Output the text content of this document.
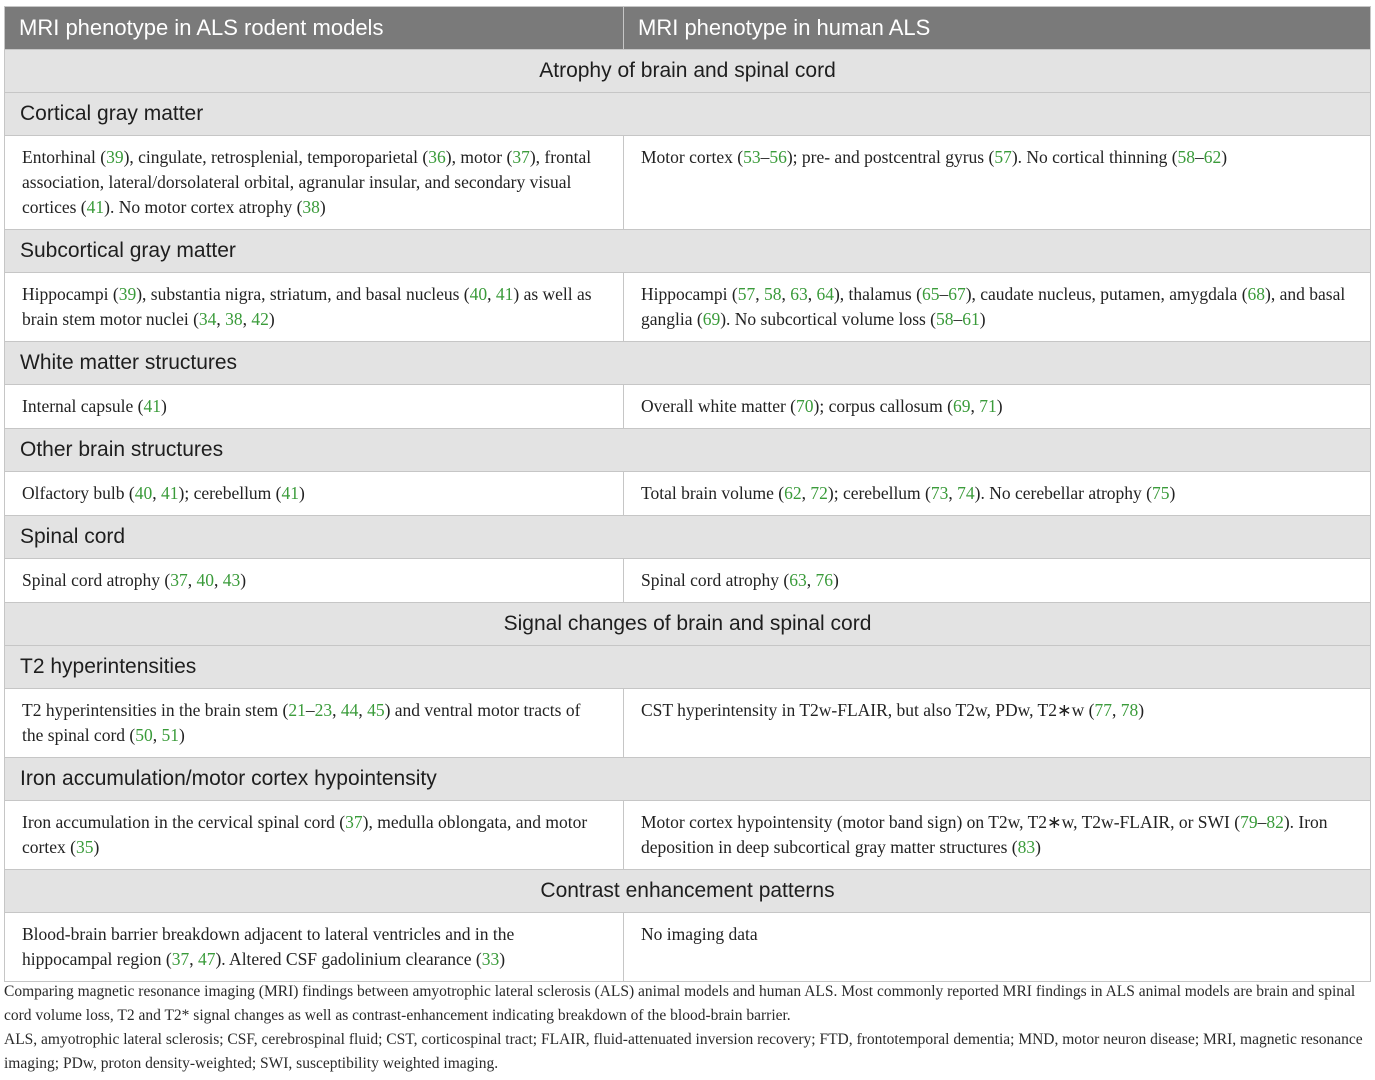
MRI phenotype in ALS rodent models	MRI phenotype in human ALS
Atrophy of brain and spinal cord	
Cortical gray matter	
Entorhinal (39), cingulate, retrosplenial, temporoparietal (36), motor (37), frontal association, lateral/dorsolateral orbital, agranular insular, and secondary visual cortices (41). No motor cortex atrophy (38)	Motor cortex (53–56); pre- and postcentral gyrus (57). No cortical thinning (58–62)
Subcortical gray matter	
Hippocampi (39), substantia nigra, striatum, and basal nucleus (40, 41) as well as brain stem motor nuclei (34, 38, 42)	Hippocampi (57, 58, 63, 64), thalamus (65–67), caudate nucleus, putamen, amygdala (68), and basal ganglia (69). No subcortical volume loss (58–61)
White matter structures	
Internal capsule (41)	Overall white matter (70); corpus callosum (69, 71)
Other brain structures	
Olfactory bulb (40, 41); cerebellum (41)	Total brain volume (62, 72); cerebellum (73, 74). No cerebellar atrophy (75)
Spinal cord	
Spinal cord atrophy (37, 40, 43)	Spinal cord atrophy (63, 76)
Signal changes of brain and spinal cord	
T2 hyperintensities	
T2 hyperintensities in the brain stem (21–23, 44, 45) and ventral motor tracts of the spinal cord (50, 51)	CST hyperintensity in T2w-FLAIR, but also T2w, PDw, T2∗w (77, 78)
Iron accumulation/motor cortex hypointensity	
Iron accumulation in the cervical spinal cord (37), medulla oblongata, and motor cortex (35)	Motor cortex hypointensity (motor band sign) on T2w, T2∗w, T2w-FLAIR, or SWI (79–82). Iron deposition in deep subcortical gray matter structures (83)
Contrast enhancement patterns	
Blood-brain barrier breakdown adjacent to lateral ventricles and in the hippocampal region (37, 47). Altered CSF gadolinium clearance (33)	No imaging data

Comparing magnetic resonance imaging (MRI) findings between amyotrophic lateral sclerosis (ALS) animal models and human ALS. Most commonly reported MRI findings in ALS animal models are brain and spinal cord volume loss, T2 and T2* signal changes as well as contrast-enhancement indicating breakdown of the blood-brain barrier.

ALS, amyotrophic lateral sclerosis; CSF, cerebrospinal fluid; CST, corticospinal tract; FLAIR, fluid-attenuated inversion recovery; FTD, frontotemporal dementia; MND, motor neuron disease; MRI, magnetic resonance imaging; PDw, proton density-weighted; SWI, susceptibility weighted imaging.
